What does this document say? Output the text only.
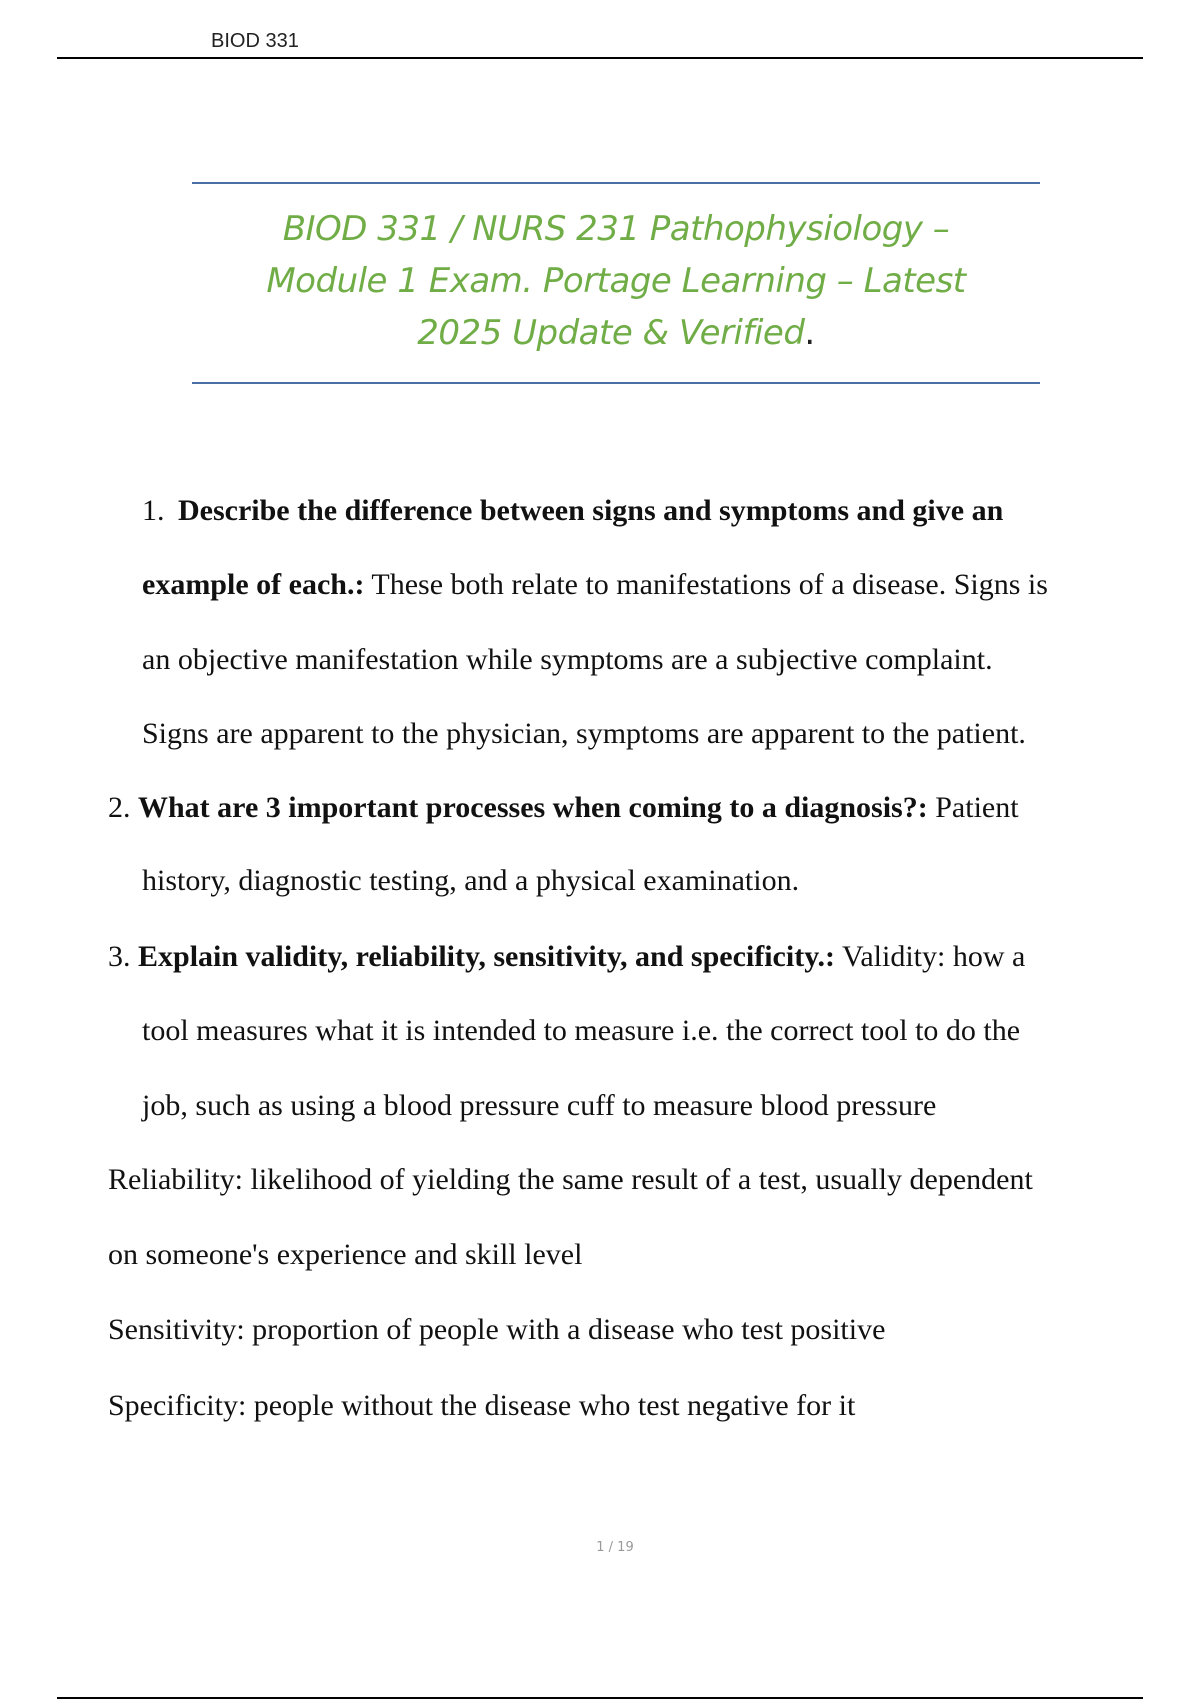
BIOD 331
BIOD 331 / NURS 231 Pathophysiology –
Module 1 Exam. Portage Learning – Latest
2025 Update & Verified.
1. Describe the difference between signs and symptoms and give an
example of each.: These both relate to manifestations of a disease. Signs is
an objective manifestation while symptoms are a subjective complaint.
Signs are apparent to the physician, symptoms are apparent to the patient.
2. What are 3 important processes when coming to a diagnosis?: Patient
history, diagnostic testing, and a physical examination.
3. Explain validity, reliability, sensitivity, and specificity.: Validity: how a
tool measures what it is intended to measure i.e. the correct tool to do the
job, such as using a blood pressure cuff to measure blood pressure
Reliability: likelihood of yielding the same result of a test, usually dependent
on someone's experience and skill level
Sensitivity: proportion of people with a disease who test positive
Specificity: people without the disease who test negative for it
1 / 19
